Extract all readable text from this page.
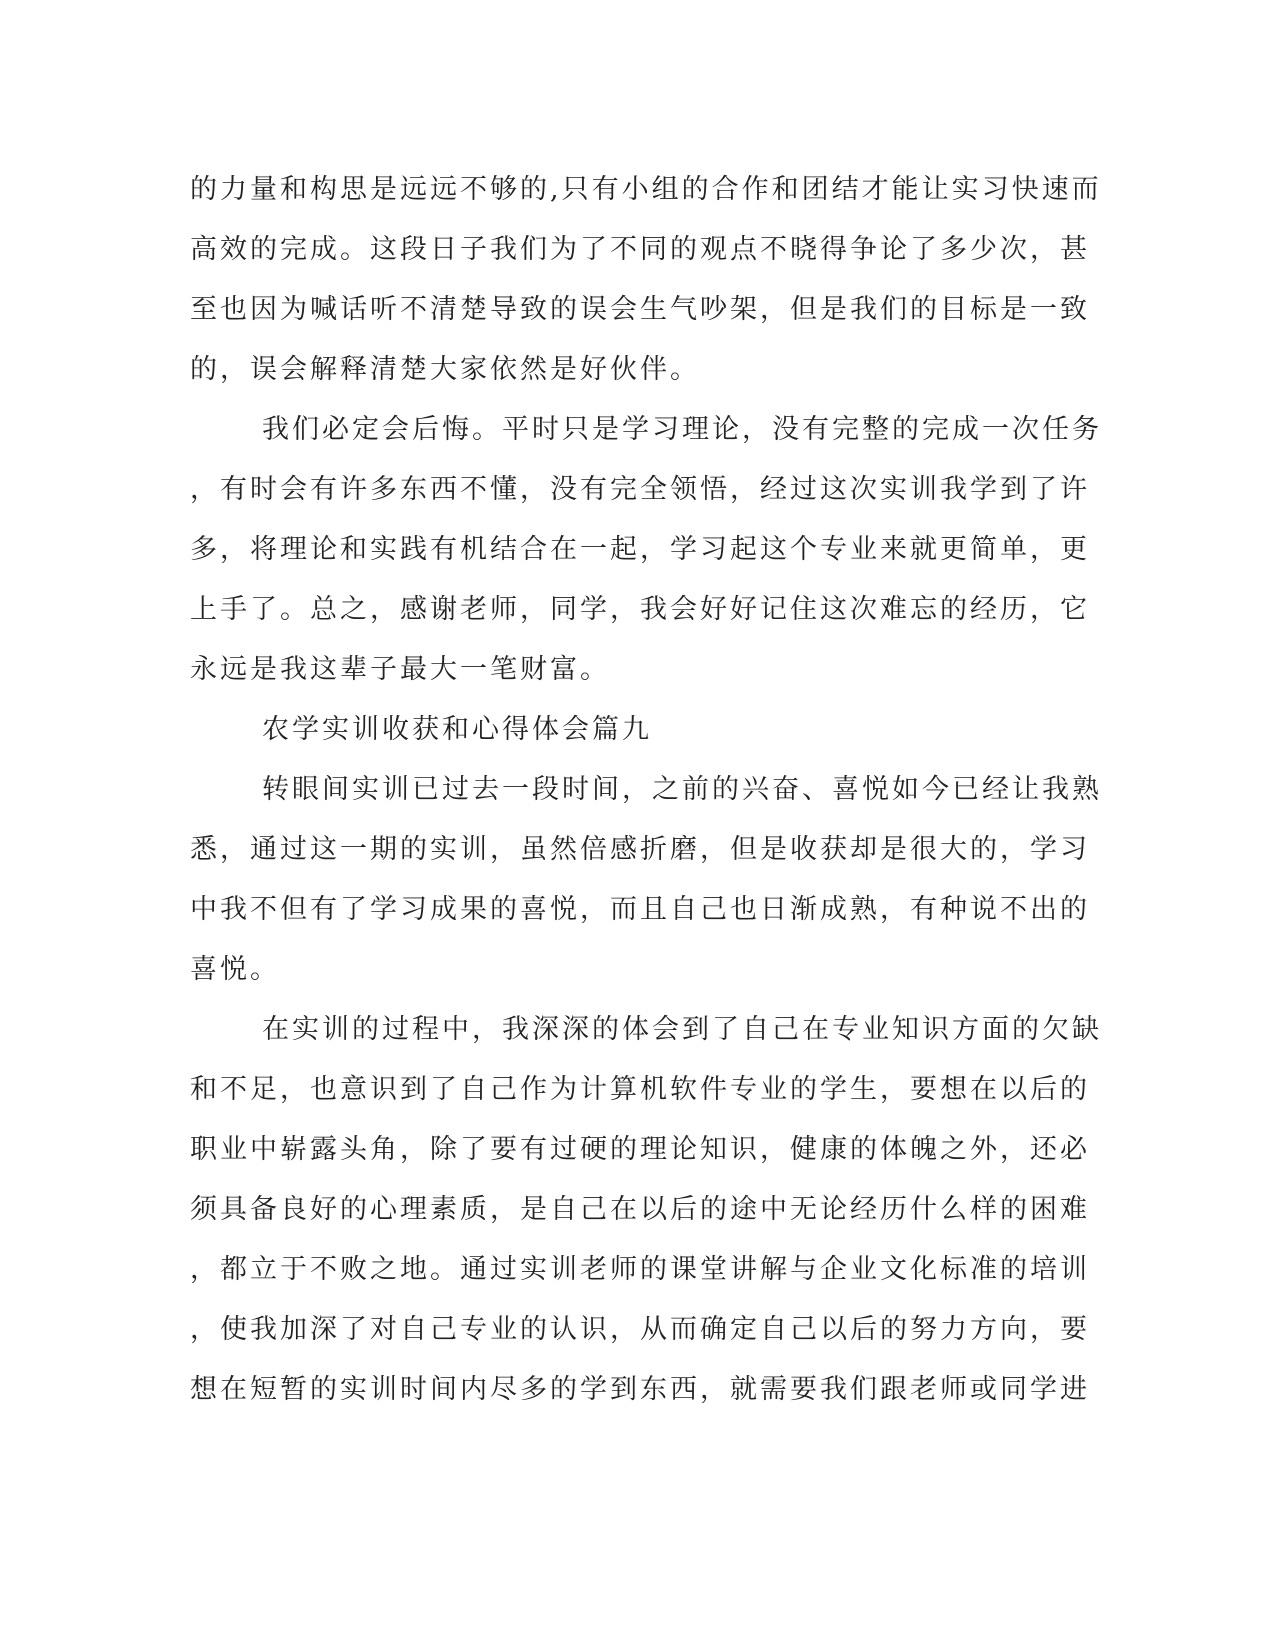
的力量和构思是远远不够的,只有小组的合作和团结才能让实习快速而
高效的完成。这段日子我们为了不同的观点不晓得争论了多少次，甚
至也因为喊话听不清楚导致的误会生气吵架，但是我们的目标是一致
的，误会解释清楚大家依然是好伙伴。
我们必定会后悔。平时只是学习理论，没有完整的完成一次任务
，有时会有许多东西不懂，没有完全领悟，经过这次实训我学到了许
多，将理论和实践有机结合在一起，学习起这个专业来就更简单，更
上手了。总之，感谢老师，同学，我会好好记住这次难忘的经历，它
永远是我这辈子最大一笔财富。
农学实训收获和心得体会篇九
转眼间实训已过去一段时间，之前的兴奋、喜悦如今已经让我熟
悉，通过这一期的实训，虽然倍感折磨，但是收获却是很大的，学习
中我不但有了学习成果的喜悦，而且自己也日渐成熟，有种说不出的
喜悦。
在实训的过程中，我深深的体会到了自己在专业知识方面的欠缺
和不足，也意识到了自己作为计算机软件专业的学生，要想在以后的
职业中崭露头角，除了要有过硬的理论知识，健康的体魄之外，还必
须具备良好的心理素质，是自己在以后的途中无论经历什么样的困难
，都立于不败之地。通过实训老师的课堂讲解与企业文化标准的培训
，使我加深了对自己专业的认识，从而确定自己以后的努力方向，要
想在短暂的实训时间内尽多的学到东西，就需要我们跟老师或同学进
